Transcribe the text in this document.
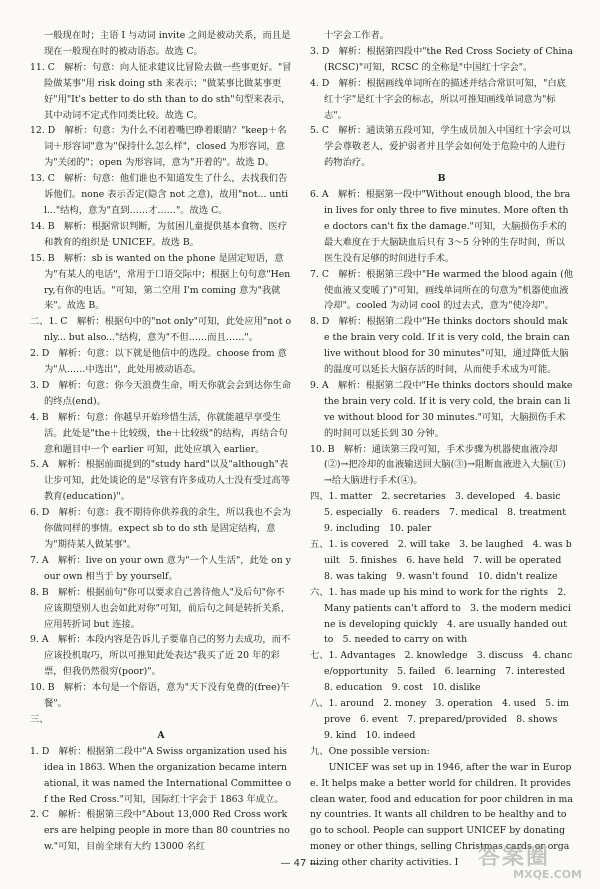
一般现在时；主语 I 与动词 invite 之间是被动关系，而且是现在一般现在时的被动语态。故选 C。

11. C　解析：句意：向人征求建议比冒险去做一些事更好。"冒险做某事"用 risk doing sth 来表示；"做某事比做某事更好"用"It's better to do sth than to do sth"句型来表示，其中动词不定式作同类比较。故选 C。

12. D　解析：句意：为什么不闭着嘴巴睁着眼睛？"keep＋名词＋形容词"意为"保持什么怎么样"，closed 为形容词，意为"关闭的"；open 为形容词，意为"开着的"。故选 D。

13. C　解析：句意：他们谁也不知道发生了什么，去找我们告诉他们。none 表示否定(隐含 not 之意)，故用"not... until..."结构，意为"直到……才……"。故选 C。

14. B　解析：根据常识判断，为贫困儿童提供基本食物、医疗和教育的组织是 UNICEF。故选 B。

15. B　解析：sb is wanted on the phone 是固定短语，意为"有某人的电话"，常用于口语交际中；根据上句句意"Henry,有你的电话。"可知，第二空用 I'm coming 意为"我就来"。故选 B。

二、1. C　解析：根据句中的"not only"可知，此处应用"not only... but also..."结构，意为"不但……而且……"。

2. D　解析：句意：以下就是他信中的选段。choose from 意为"从……中选出"，此处用被动语态。

3. D　解析：句意：你今天浪费生命，明天你就会会到达你生命的终点(end)。

4. B　解析：句意：你越早开始珍惜生活，你就能越早享受生活。此处是"the＋比较级，the＋比较级"的结构，再结合句意和题目中一个 earlier 可知，此处应填入 earlier。

5. A　解析：根据前面提到的"study hard"以及"although"表让步可知，此处谈论的是"尽管有许多成功人士没有受过高等教育(education)"。

6. D　解析：句意：我不期待你供养我的余生，所以我也不会为你做同样的事情。expect sb to do sth 是固定结构，意为"期待某人做某事"。

7. A　解析：live on your own 意为"一个人生活"，此处 on your own 相当于 by yourself。

8. B　解析：根据前句"你可以要求自己善待他人"及后句"你不应该期望别人也会如此对你"可知，前后句之间是转折关系，应用转折词 but 连接。

9. A　解析：本段内容是告诉儿子要靠自己的努力去成功，而不应该投机取巧，所以可推知此处表达"我买了近 20 年的彩票，但我仍然很穷(poor)"。

10. B　解析：本句是一个俗语，意为"天下没有免费的(free)午餐"。

三、

A

1. D　解析：根据第二段中"A Swiss organization used his idea in 1863. When the organization became international, it was named the International Committee of the Red Cross."可知，国际红十字会于 1863 年成立。

2. C　解析：根据第三段中"About 13,000 Red Cross workers are helping people in more than 80 countries now."可知，目前全球有大约 13000 名红

十字会工作者。

3. D　解析：根据第四段中"the Red Cross Society of China(RCSC)"可知，RCSC 的全称是"中国红十字会"。

4. D　解析：根据画线单词所在的描述并结合常识可知，"白底红十字"是红十字会的标志，所以可推知画线单词意为"标志"。

5. C　解析：通读第五段可知，学生成员加入中国红十字会可以学会尊敬老人，爱护弱者并且学会如何处于危险中的人进行药物治疗。

B

6. A　解析：根据第一段中"Without enough blood, the brain lives for only three to five minutes. More often the doctors can't fix the damage."可知，大脑损伤手术的最大难度在于大脑缺血后只有 3～5 分钟的生存时间，所以医生没有足够的时间进行手术。

7. C　解析：根据第三段中"He warmed the blood again (他使血液又变暖了)"可知，画线单词所在的句意为"机器使血液冷却"。cooled 为动词 cool 的过去式，意为"使冷却"。

8. D　解析：根据第二段中"He thinks doctors should make the brain very cold. If it is very cold, the brain can live without blood for 30 minutes"可知，通过降低大脑的温度可以延长大脑存活的时间，从而使手术成为可能。

9. A　解析：根据第二段中"He thinks doctors should make the brain very cold. If it is very cold, the brain can live without blood for 30 minutes."可知，大脑损伤手术的时间可以延长到 30 分钟。

10. B　解析：通读第三段可知，手术步骤为机器使血液冷却(②)→把冷却的血液输送回大脑(③)→阻断血液进入大脑(①)→给大脑进行手术(④)。

四、1. matter　2. secretaries　3. developed　4. basic　5. especially　6. readers　7. medical　8. treatment　9. including　10. paler

五、1. is covered　2. will take　3. be laughed　4. was built　5. finishes　6. have held　7. will be operated　8. was taking　9. wasn't found　10. didn't realize

六、1. has made up his mind to work for the rights　2. Many patients can't afford to　3. the modern medicine is developing quickly　4. are usually handed out to　5. needed to carry on with

七、1. Advantages　2. knowledge　3. discuss　4. chance/opportunity　5. failed　6. learning　7. interested　8. education　9. cost　10. dislike

八、1. around　2. money　3. operation　4. used　5. improve　6. event　7. prepared/provided　8. shows　9. kind　10. indeed

九、One possible version:

UNICEF was set up in 1946, after the war in Europe. It helps make a better world for children. It provides clean water, food and education for poor children in many countries. It wants all children to be healthy and to go to school. People can support UNICEF by donating money or other things, selling Christmas cards or organizing other charity activities. I

— 47 —	答案圈
MXQE.COM
